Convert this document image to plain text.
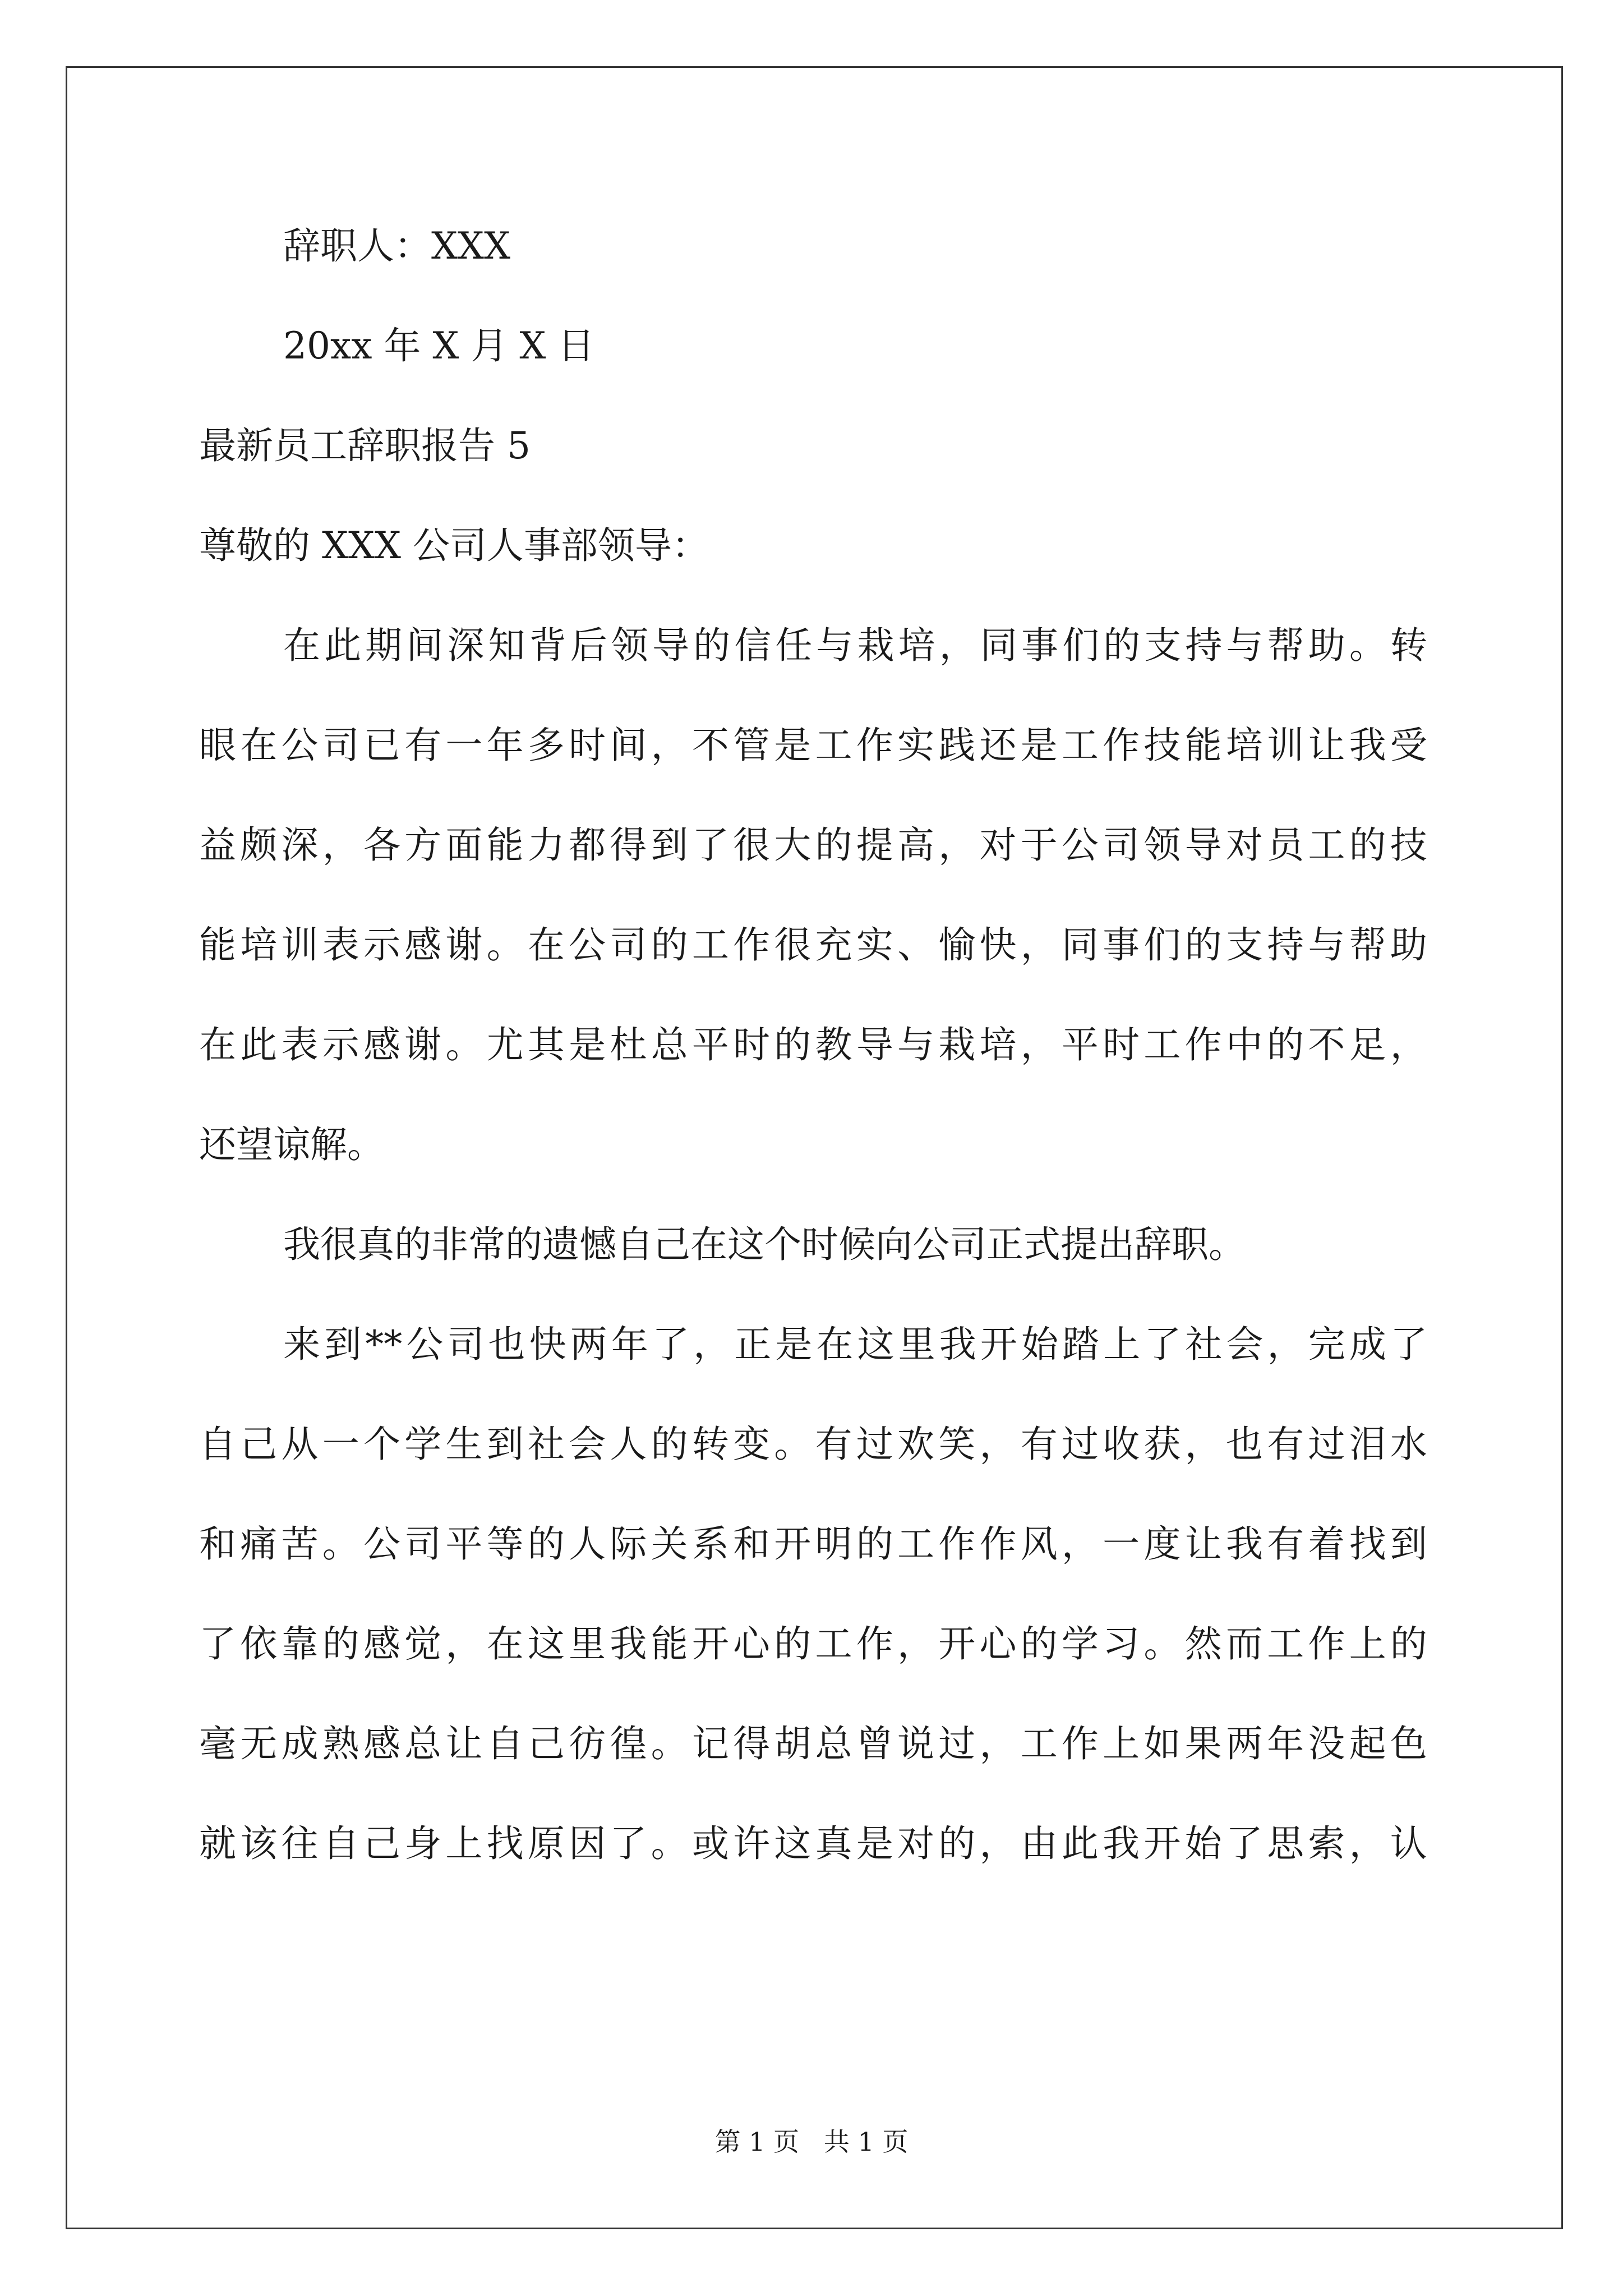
辞职人：XXX
20xx 年 X 月 X 日
最新员工辞职报告 5
尊敬的 XXX 公司人事部领导：
在 此 期 间 深 知 背 后 领 导 的 信 任 与 栽 培 ， 同 事 们 的 支 持 与 帮 助 。 转
眼 在 公 司 已 有 一 年 多 时 间 ， 不 管 是 工 作 实 践 还 是 工 作 技 能 培 训 让 我 受
益 颇 深 ， 各 方 面 能 力 都 得 到 了 很 大 的 提 高 ， 对 于 公 司 领 导 对 员 工 的 技
能 培 训 表 示 感 谢 。 在 公 司 的 工 作 很 充 实 、 愉 快 ， 同 事 们 的 支 持 与 帮 助
在 此 表 示 感 谢 。 尤 其 是 杜 总 平 时 的 教 导 与 栽 培 ， 平 时 工 作 中 的 不 足 ，
还望谅解。
我很真的非常的遗憾自己在这个时候向公司正式提出辞职。
来 到 ** 公 司 也 快 两 年 了 ， 正 是 在 这 里 我 开 始 踏 上 了 社 会 ， 完 成 了
自 己 从 一 个 学 生 到 社 会 人 的 转 变 。 有 过 欢 笑 ， 有 过 收 获 ， 也 有 过 泪 水
和 痛 苦 。 公 司 平 等 的 人 际 关 系 和 开 明 的 工 作 作 风 ， 一 度 让 我 有 着 找 到
了 依 靠 的 感 觉 ， 在 这 里 我 能 开 心 的 工 作 ， 开 心 的 学 习 。 然 而 工 作 上 的
毫 无 成 熟 感 总 让 自 己 彷 徨 。 记 得 胡 总 曾 说 过 ， 工 作 上 如 果 两 年 没 起 色
就 该 往 自 己 身 上 找 原 因 了 。 或 许 这 真 是 对 的 ， 由 此 我 开 始 了 思 索 ， 认
第 1 页   共 1 页
